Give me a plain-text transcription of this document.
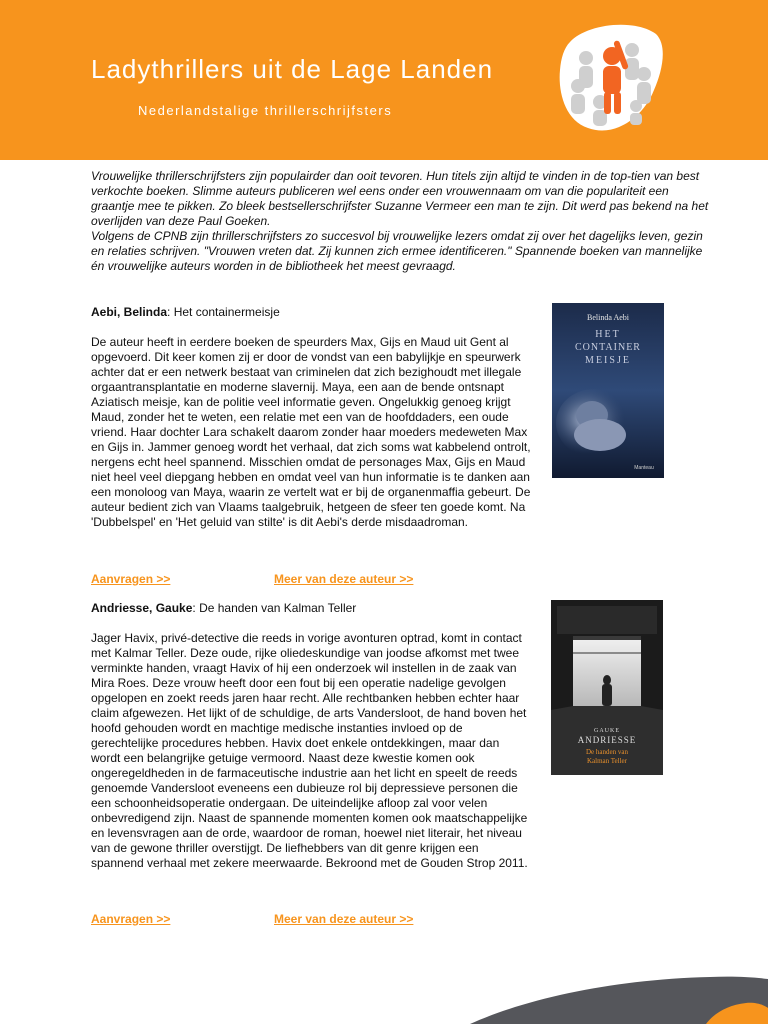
Ladythrillers uit de Lage Landen
Nederlandstalige thrillerschrijfsters

Vrouwelijke thrillerschrijfsters zijn populairder dan ooit tevoren. Hun titels zijn altijd te vinden in de top-tien van best verkochte boeken. Slimme auteurs publiceren wel eens onder een vrouwennaam om van die populariteit een graantje mee te pikken. Zo bleek bestsellerschrijfster Suzanne Vermeer een man te zijn. Dit werd pas bekend na het overlijden van deze Paul Goeken.

Volgens de CPNB zijn thrillerschrijfsters zo succesvol bij vrouwelijke lezers omdat zij over het dagelijks leven, gezin en relaties schrijven. "Vrouwen vreten dat. Zij kunnen zich ermee identificeren." Spannende boeken van mannelijke én vrouwelijke auteurs worden in de bibliotheek het meest gevraagd.

Aebi, Belinda: Het containermeisje

De auteur heeft in eerdere boeken de speurders Max, Gijs en Maud uit Gent al opgevoerd. Dit keer komen zij er door de vondst van een babylijkje en speurwerk achter dat er een netwerk bestaat van criminelen dat zich bezighoudt met illegale orgaantransplantatie en moderne slavernij. Maya, een aan de bende ontsnapt Aziatisch meisje, kan de politie veel informatie geven. Ongelukkig genoeg krijgt Maud, zonder het te weten, een relatie met een van de hoofddaders, een oude vriend. Haar dochter Lara schakelt daarom zonder haar moeders medeweten Max en Gijs in. Jammer genoeg wordt het verhaal, dat zich soms wat kabbelend ontrolt, nergens echt heel spannend. Misschien omdat de personages Max, Gijs en Maud niet heel veel diepgang hebben en omdat veel van hun informatie is te danken aan een monoloog van Maya, waarin ze vertelt wat er bij de organenmaffia gebeurt. De auteur bedient zich van Vlaams taalgebruik, hetgeen de sfeer ten goede komt. Na 'Dubbelspel' en 'Het geluid van stilte' is dit Aebi's derde misdaadroman.

Aanvragen >>	Meer van deze auteur >>
Belinda Aebi
HET
CONTAINER
MEISJE
Manteau

Andriesse, Gauke: De handen van Kalman Teller

Jager Havix, privé-detective die reeds in vorige avonturen optrad, komt in contact met Kalmar Teller. Deze oude, rijke oliedeskundige van joodse afkomst met twee verminkte handen, vraagt Havix of hij een onderzoek wil instellen in de zaak van Mira Roes. Deze vrouw heeft door een fout bij een operatie nadelige gevolgen opgelopen en zoekt reeds jaren haar recht. Alle rechtbanken hebben echter haar claim afgewezen. Het lijkt of de schuldige, de arts Vandersloot, de hand boven het hoofd gehouden wordt en machtige medische instanties invloed op de gerechtelijke procedures hebben. Havix doet enkele ontdekkingen, maar dan wordt een belangrijke getuige vermoord. Naast deze kwestie komen ook ongeregeldheden in de farmaceutische industrie aan het licht en speelt de reeds genoemde Vandersloot eveneens een dubieuze rol bij depressieve personen die een schoonheidsoperatie ondergaan. De uiteindelijke afloop zal voor velen onbevredigend zijn. Naast de spannende momenten komen ook maatschappelijke en levensvragen aan de orde, waardoor de roman, hoewel niet literair, het niveau van de gewone thriller overstijgt. De liefhebbers van dit genre krijgen een spannend verhaal met zekere meerwaarde. Bekroond met de Gouden Strop 2011.

Aanvragen >>	Meer van deze auteur >>
GAUKE
ANDRIESSE
De handen van
Kalman Teller
